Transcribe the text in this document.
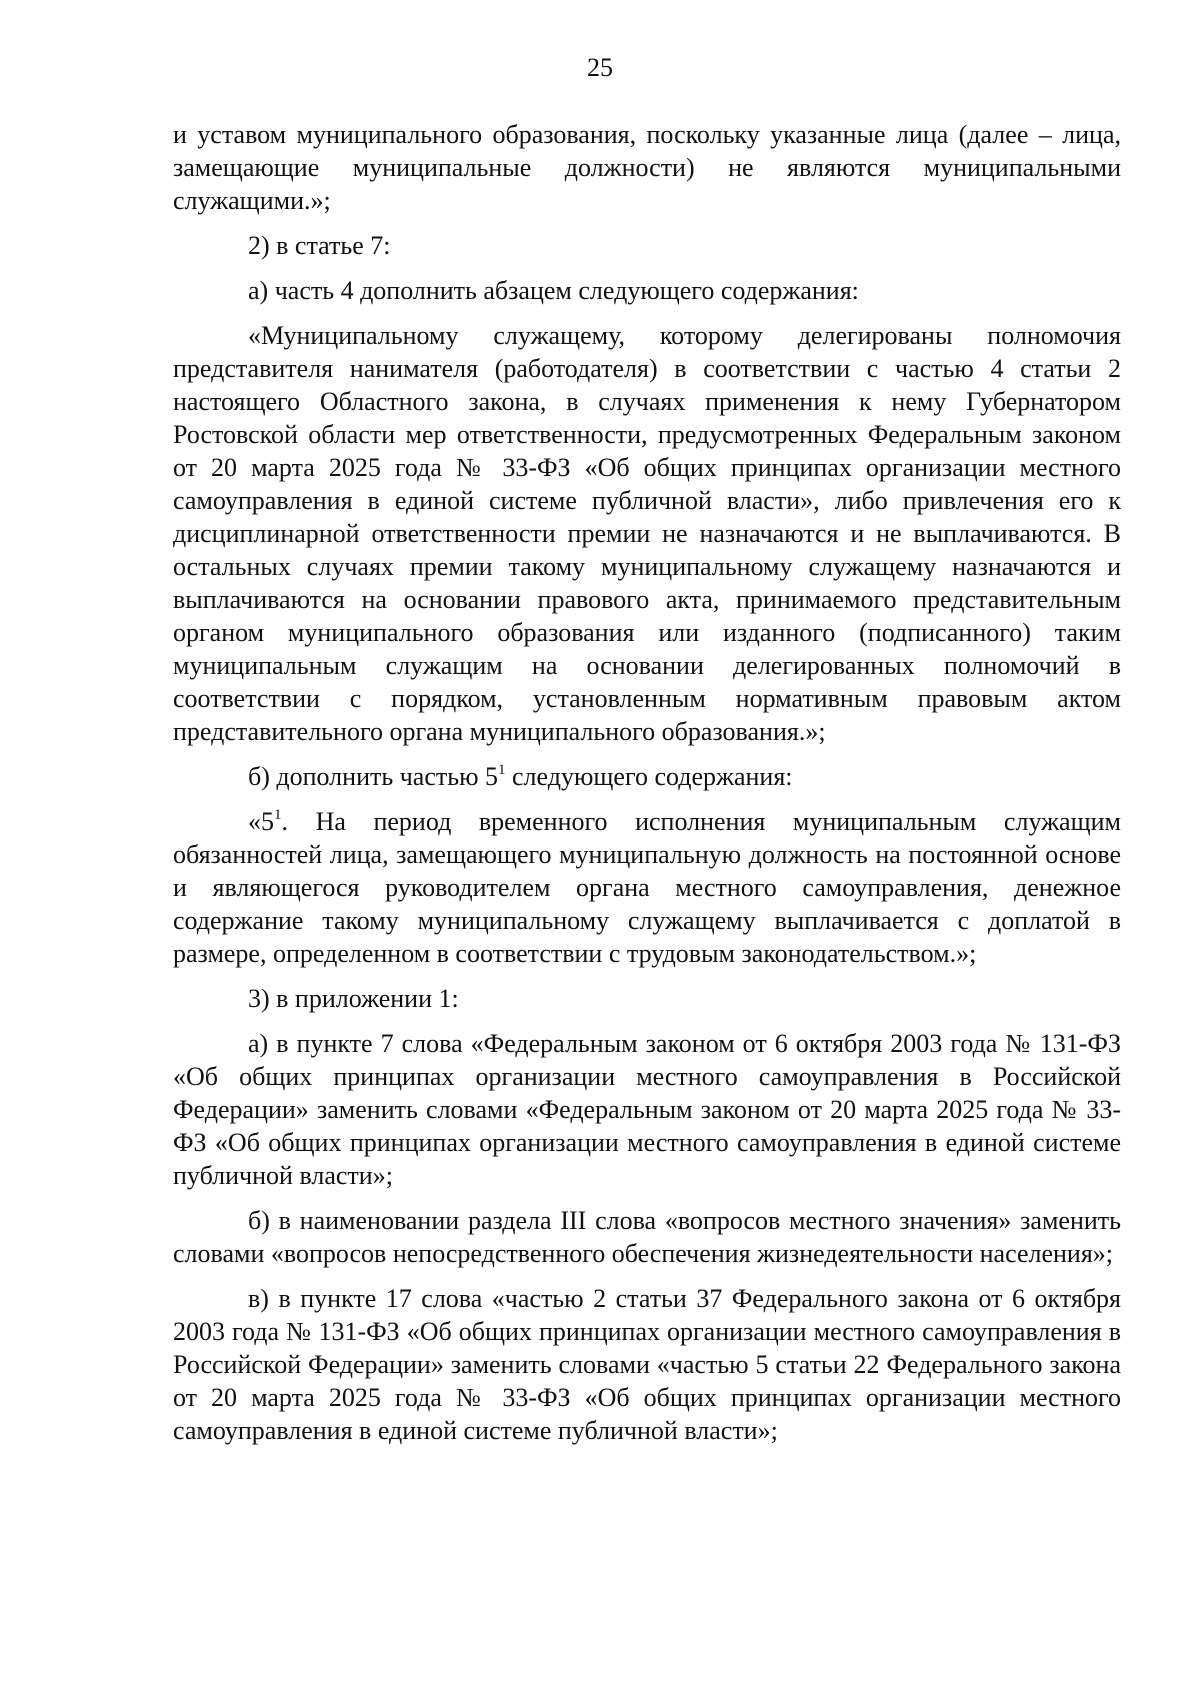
25

и уставом муниципального образования, поскольку указанные лица (далее – лица, замещающие муниципальные должности) не являются муниципальными служащими.»;

2) в статье 7:

а) часть 4 дополнить абзацем следующего содержания:

«Муниципальному служащему, которому делегированы полномочия представителя нанимателя (работодателя) в соответствии с частью 4 статьи 2 настоящего Областного закона, в случаях применения к нему Губернатором Ростовской области мер ответственности, предусмотренных Федеральным законом от 20 марта 2025 года № 33-ФЗ «Об общих принципах организации местного самоуправления в единой системе публичной власти», либо привлечения его к дисциплинарной ответственности премии не назначаются и не выплачиваются. В остальных случаях премии такому муниципальному служащему назначаются и выплачиваются на основании правового акта, принимаемого представительным органом муниципального образования или изданного (подписанного) таким муниципальным служащим на основании делегированных полномочий в соответствии с порядком, установленным нормативным правовым актом представительного органа муниципального образования.»;

б) дополнить частью $5^1$ следующего содержания:

«$5^1$. На период временного исполнения муниципальным служащим обязанностей лица, замещающего муниципальную должность на постоянной основе и являющегося руководителем органа местного самоуправления, денежное содержание такому муниципальному служащему выплачивается с доплатой в размере, определенном в соответствии с трудовым законодательством.»;

3) в приложении 1:

а) в пункте 7 слова «Федеральным законом от 6 октября 2003 года № 131-ФЗ «Об общих принципах организации местного самоуправления в Российской Федерации» заменить словами «Федеральным законом от 20 марта 2025 года № 33-ФЗ «Об общих принципах организации местного самоуправления в единой системе публичной власти»;

б) в наименовании раздела III слова «вопросов местного значения» заменить словами «вопросов непосредственного обеспечения жизнедеятельности населения»;

в) в пункте 17 слова «частью 2 статьи 37 Федерального закона от 6 октября 2003 года № 131-ФЗ «Об общих принципах организации местного самоуправления в Российской Федерации» заменить словами «частью 5 статьи 22 Федерального закона от 20 марта 2025 года № 33-ФЗ «Об общих принципах организации местного самоуправления в единой системе публичной власти»;
